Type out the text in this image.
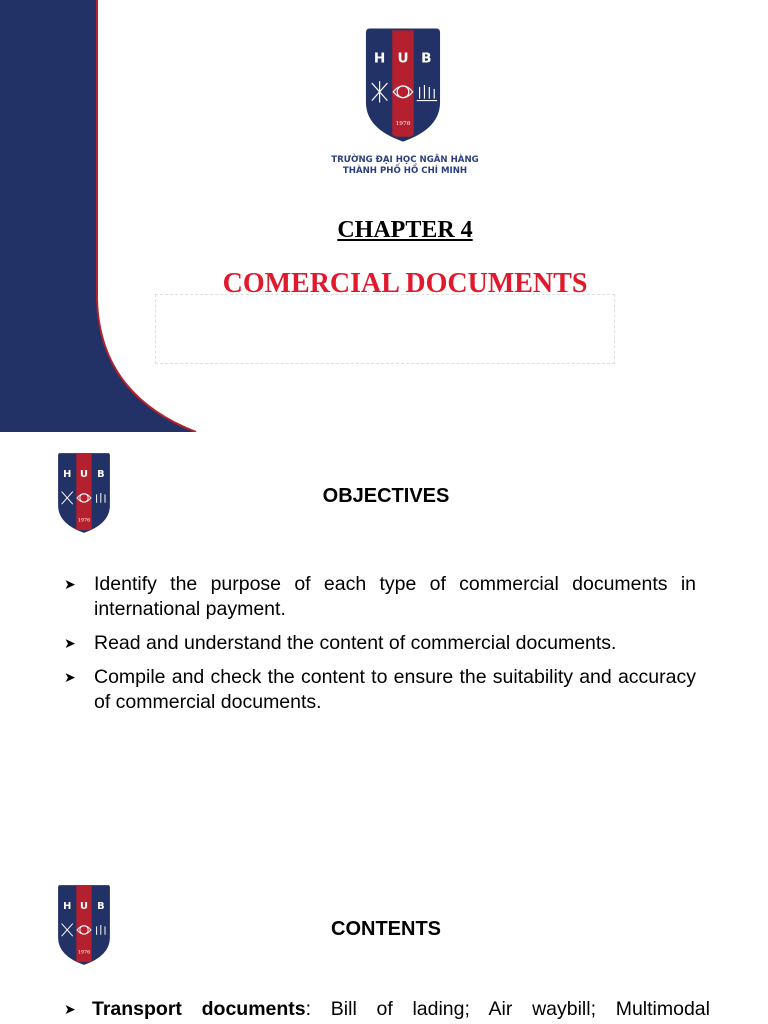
H U B
1976
TRƯỜNG ĐẠI HỌC NGÂN HÀNG
THÀNH PHỐ HỒ CHÍ MINH
CHAPTER 4
COMERCIAL DOCUMENTS
H U B
1976
OBJECTIVES
➤ Identify the purpose of each type of commercial documents in international payment.
➤ Read and understand the content of commercial documents.
➤ Compile and check the content to ensure the suitability and accuracy of commercial documents.
H U B
1976
CONTENTS
➤ Transport documents: Bill of lading; Air waybill; Multimodal
